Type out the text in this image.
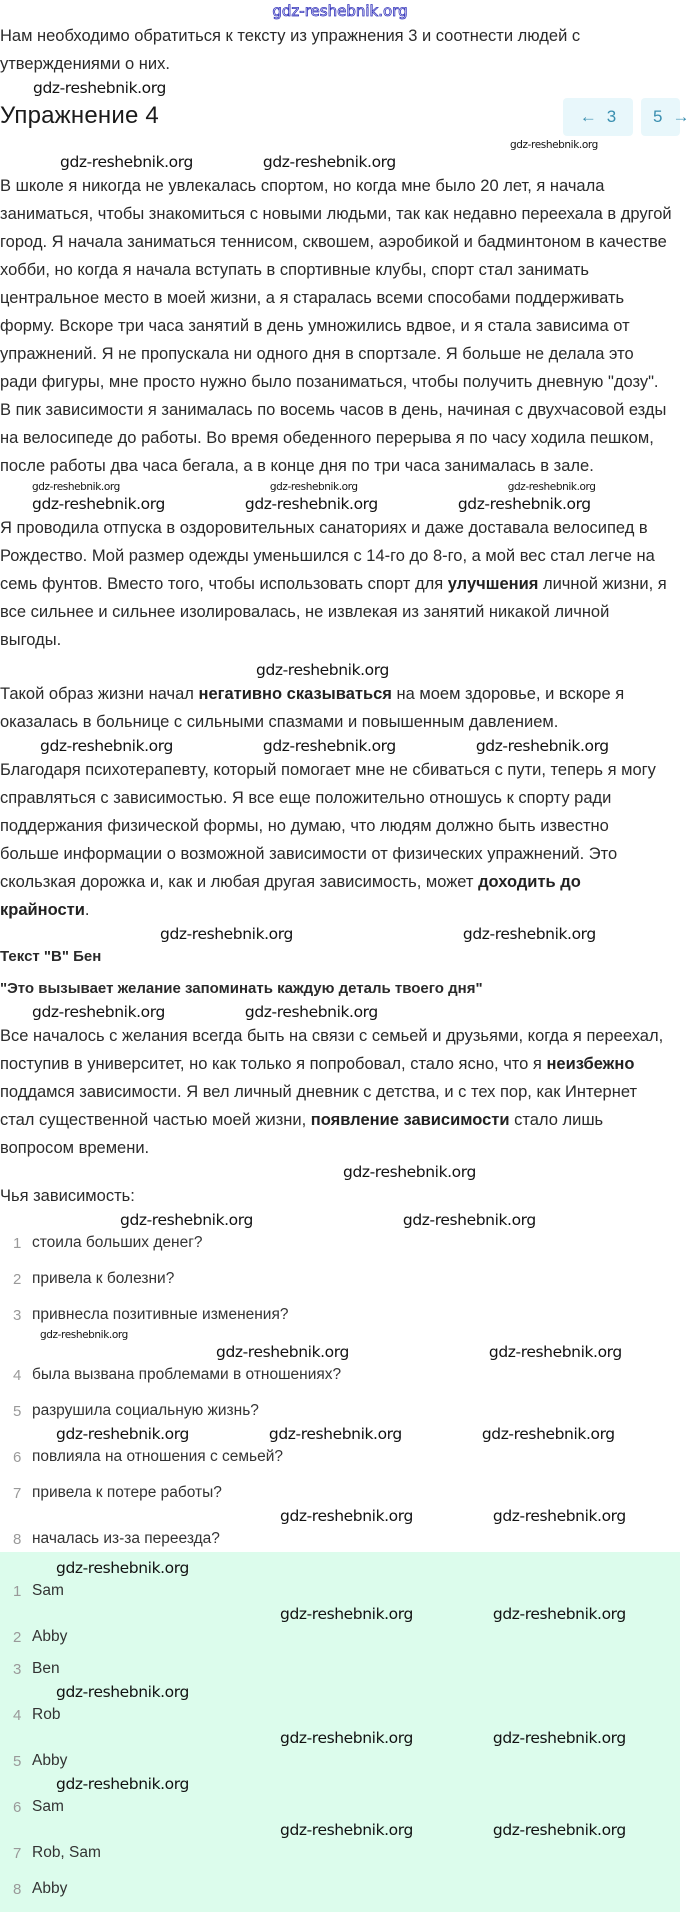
gdz-reshebnik.org

Нам необходимо обратиться к тексту из упражнения 3 и соотнести людей с утверждениями о них.

gdz-reshebnik.org
Упражнение 4	← 3 5 →
gdz-reshebnik.org
gdz-reshebnik.org	gdz-reshebnik.org

В школе я никогда не увлекалась спортом, но когда мне было 20 лет, я начала заниматься, чтобы знакомиться с новыми людьми, так как недавно переехала в другой город. Я начала заниматься теннисом, сквошем, аэробикой и бадминтоном в качестве хобби, но когда я начала вступать в спортивные клубы, спорт стал занимать центральное место в моей жизни, а я старалась всеми способами поддерживать форму. Вскоре три часа занятий в день умножились вдвое, и я стала зависима от упражнений. Я не пропускала ни одного дня в спортзале. Я больше не делала это ради фигуры, мне просто нужно было позаниматься, чтобы получить дневную "дозу". В пик зависимости я занималась по восемь часов в день, начиная с двухчасовой езды на велосипеде до работы. Во время обеденного перерыва я по часу ходила пешком, после работы два часа бегала, а в конце дня по три часа занималась в зале.

gdz-reshebnik.org	gdz-reshebnik.org	gdz-reshebnik.org
gdz-reshebnik.org	gdz-reshebnik.org	gdz-reshebnik.org

Я проводила отпуска в оздоровительных санаториях и даже доставала велосипед в Рождество. Мой размер одежды уменьшился с 14-го до 8-го, а мой вес стал легче на семь фунтов. Вместо того, чтобы использовать спорт для улучшения личной жизни, я все сильнее и сильнее изолировалась, не извлекая из занятий никакой личной выгоды.

gdz-reshebnik.org

Такой образ жизни начал негативно сказываться на моем здоровье, и вскоре я оказалась в больнице с сильными спазмами и повышенным давлением.

gdz-reshebnik.org	gdz-reshebnik.org	gdz-reshebnik.org

Благодаря психотерапевту, который помогает мне не сбиваться с пути, теперь я могу справляться с зависимостью. Я все еще положительно отношусь к спорту ради поддержания физической формы, но думаю, что людям должно быть известно больше информации о возможной зависимости от физических упражнений. Это скользкая дорожка и, как и любая другая зависимость, может доходить до крайности.

gdz-reshebnik.org	gdz-reshebnik.org
Текст "B" Бен
"Это вызывает желание запоминать каждую деталь твоего дня"
gdz-reshebnik.org	gdz-reshebnik.org

Все началось с желания всегда быть на связи с семьей и друзьями, когда я переехал, поступив в университет, но как только я попробовал, стало ясно, что я неизбежно поддамся зависимости. Я вел личный дневник с детства, и с тех пор, как Интернет стал существенной частью моей жизни, появление зависимости стало лишь вопросом времени.

gdz-reshebnik.org
Чья зависимость:
gdz-reshebnik.org	gdz-reshebnik.org
1 стоила больших денег?
2 привела к болезни?
3 привнесла позитивные изменения?
gdz-reshebnik.org
gdz-reshebnik.org	gdz-reshebnik.org
4 была вызвана проблемами в отношениях?
5 разрушила социальную жизнь?
gdz-reshebnik.org	gdz-reshebnik.org	gdz-reshebnik.org
6 повлияла на отношения с семьей?
7 привела к потере работы?
gdz-reshebnik.org	gdz-reshebnik.org
8 началась из-за переезда?
gdz-reshebnik.org
1 Sam
gdz-reshebnik.org	gdz-reshebnik.org
2 Abby
3 Ben
gdz-reshebnik.org
4 Rob
gdz-reshebnik.org	gdz-reshebnik.org
5 Abby
gdz-reshebnik.org
6 Sam
gdz-reshebnik.org	gdz-reshebnik.org
7 Rob, Sam
8 Abby
